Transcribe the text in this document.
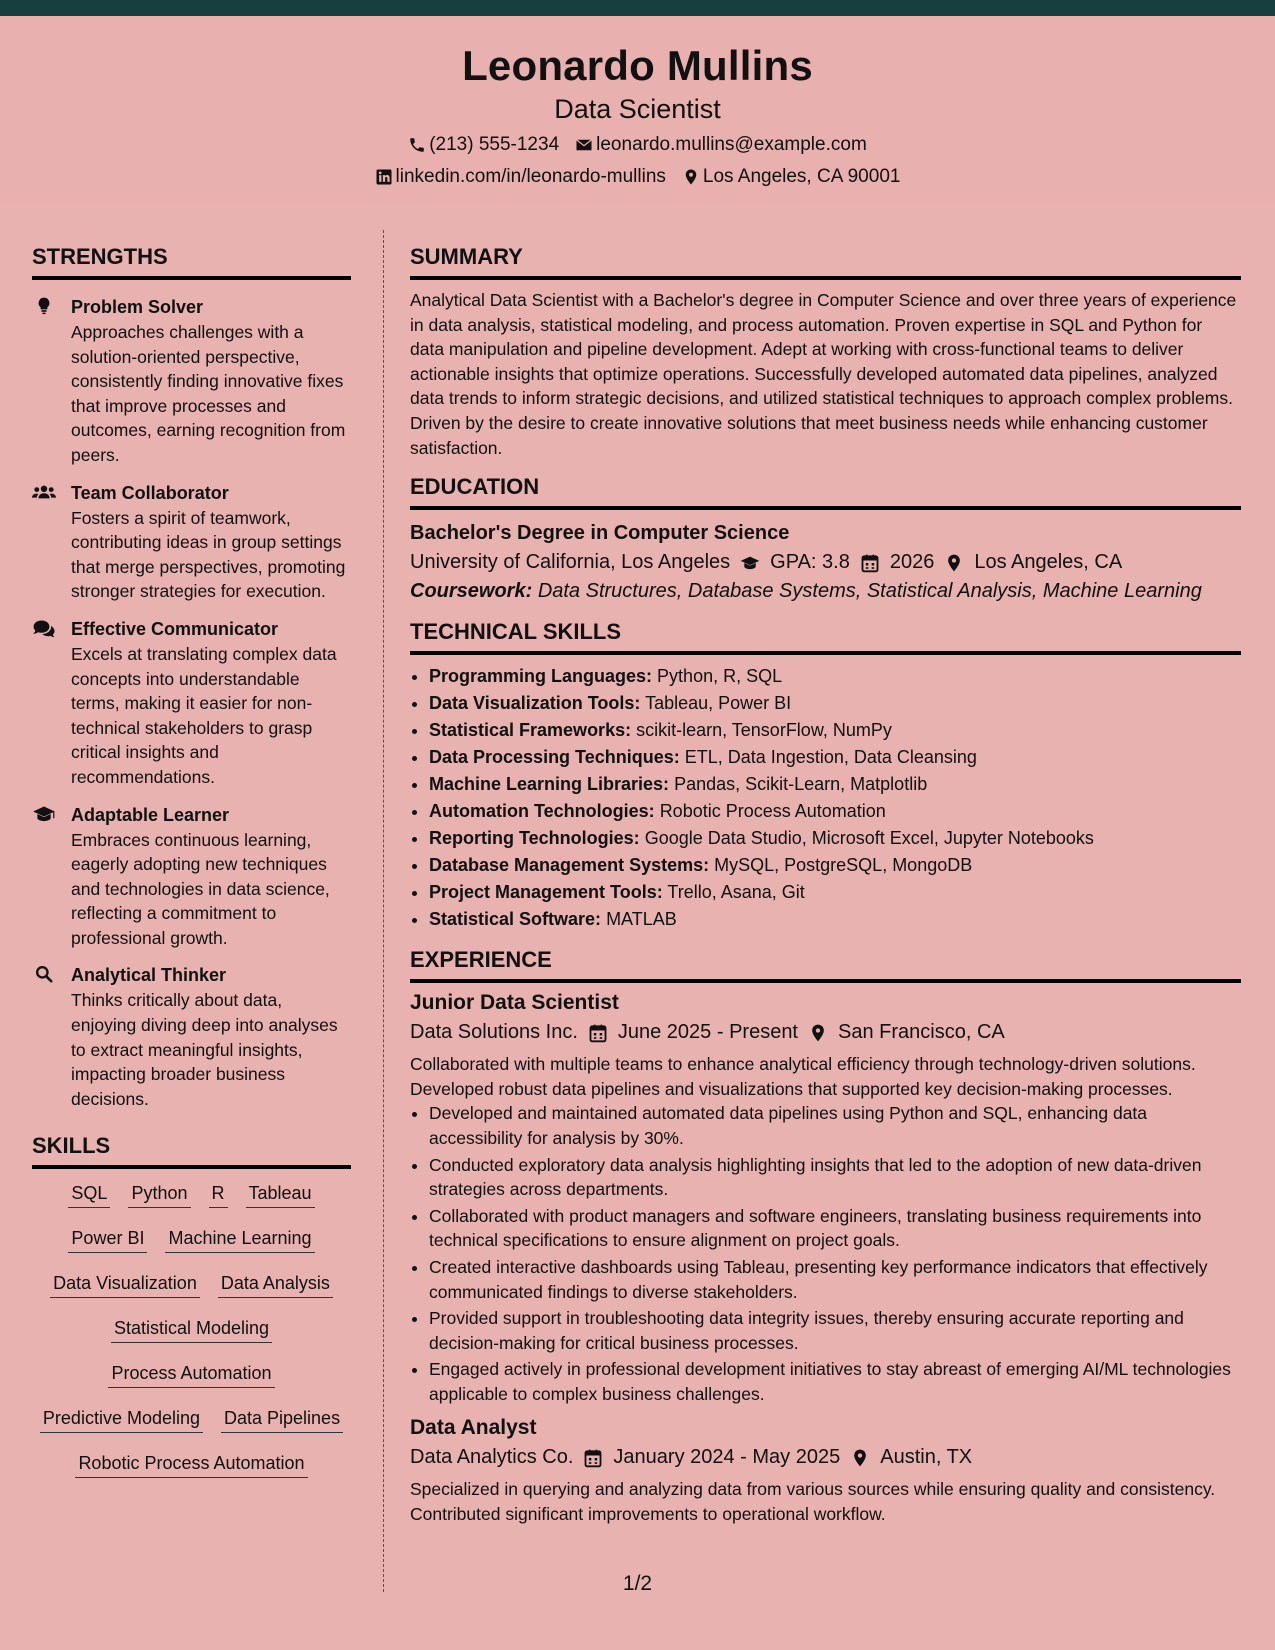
Leonardo Mullins
Data Scientist
(213) 555-1234 leonardo.mullins@example.com
linkedin.com/in/leonardo-mullins Los Angeles, CA 90001
STRENGTHS
Problem Solver
Approaches challenges with a solution-oriented perspective, consistently finding innovative fixes that improve processes and outcomes, earning recognition from peers.
Team Collaborator
Fosters a spirit of teamwork, contributing ideas in group settings that merge perspectives, promoting stronger strategies for execution.
Effective Communicator
Excels at translating complex data concepts into understandable terms, making it easier for non-technical stakeholders to grasp critical insights and recommendations.
Adaptable Learner
Embraces continuous learning, eagerly adopting new techniques and technologies in data science, reflecting a commitment to professional growth.
Analytical Thinker
Thinks critically about data, enjoying diving deep into analyses to extract meaningful insights, impacting broader business decisions.
SKILLS
SQL Python R Tableau
Power BI Machine Learning
Data Visualization Data Analysis
Statistical Modeling
Process Automation
Predictive Modeling Data Pipelines
Robotic Process Automation
SUMMARY
Analytical Data Scientist with a Bachelor's degree in Computer Science and over three years of experience in data analysis, statistical modeling, and process automation. Proven expertise in SQL and Python for data manipulation and pipeline development. Adept at working with cross-functional teams to deliver actionable insights that optimize operations. Successfully developed automated data pipelines, analyzed data trends to inform strategic decisions, and utilized statistical techniques to approach complex problems. Driven by the desire to create innovative solutions that meet business needs while enhancing customer satisfaction.
EDUCATION
Bachelor's Degree in Computer Science
University of California, Los Angeles GPA: 3.8 2026 Los Angeles, CA
Coursework: Data Structures, Database Systems, Statistical Analysis, Machine Learning
TECHNICAL SKILLS
• Programming Languages: Python, R, SQL
• Data Visualization Tools: Tableau, Power BI
• Statistical Frameworks: scikit-learn, TensorFlow, NumPy
• Data Processing Techniques: ETL, Data Ingestion, Data Cleansing
• Machine Learning Libraries: Pandas, Scikit-Learn, Matplotlib
• Automation Technologies: Robotic Process Automation
• Reporting Technologies: Google Data Studio, Microsoft Excel, Jupyter Notebooks
• Database Management Systems: MySQL, PostgreSQL, MongoDB
• Project Management Tools: Trello, Asana, Git
• Statistical Software: MATLAB
EXPERIENCE
Junior Data Scientist
Data Solutions Inc. June 2025 - Present San Francisco, CA
Collaborated with multiple teams to enhance analytical efficiency through technology-driven solutions. Developed robust data pipelines and visualizations that supported key decision-making processes.
• Developed and maintained automated data pipelines using Python and SQL, enhancing data accessibility for analysis by 30%.
• Conducted exploratory data analysis highlighting insights that led to the adoption of new data-driven strategies across departments.
• Collaborated with product managers and software engineers, translating business requirements into technical specifications to ensure alignment on project goals.
• Created interactive dashboards using Tableau, presenting key performance indicators that effectively communicated findings to diverse stakeholders.
• Provided support in troubleshooting data integrity issues, thereby ensuring accurate reporting and decision-making for critical business processes.
• Engaged actively in professional development initiatives to stay abreast of emerging AI/ML technologies applicable to complex business challenges.
Data Analyst
Data Analytics Co. January 2024 - May 2025 Austin, TX
Specialized in querying and analyzing data from various sources while ensuring quality and consistency. Contributed significant improvements to operational workflow.
1/2
